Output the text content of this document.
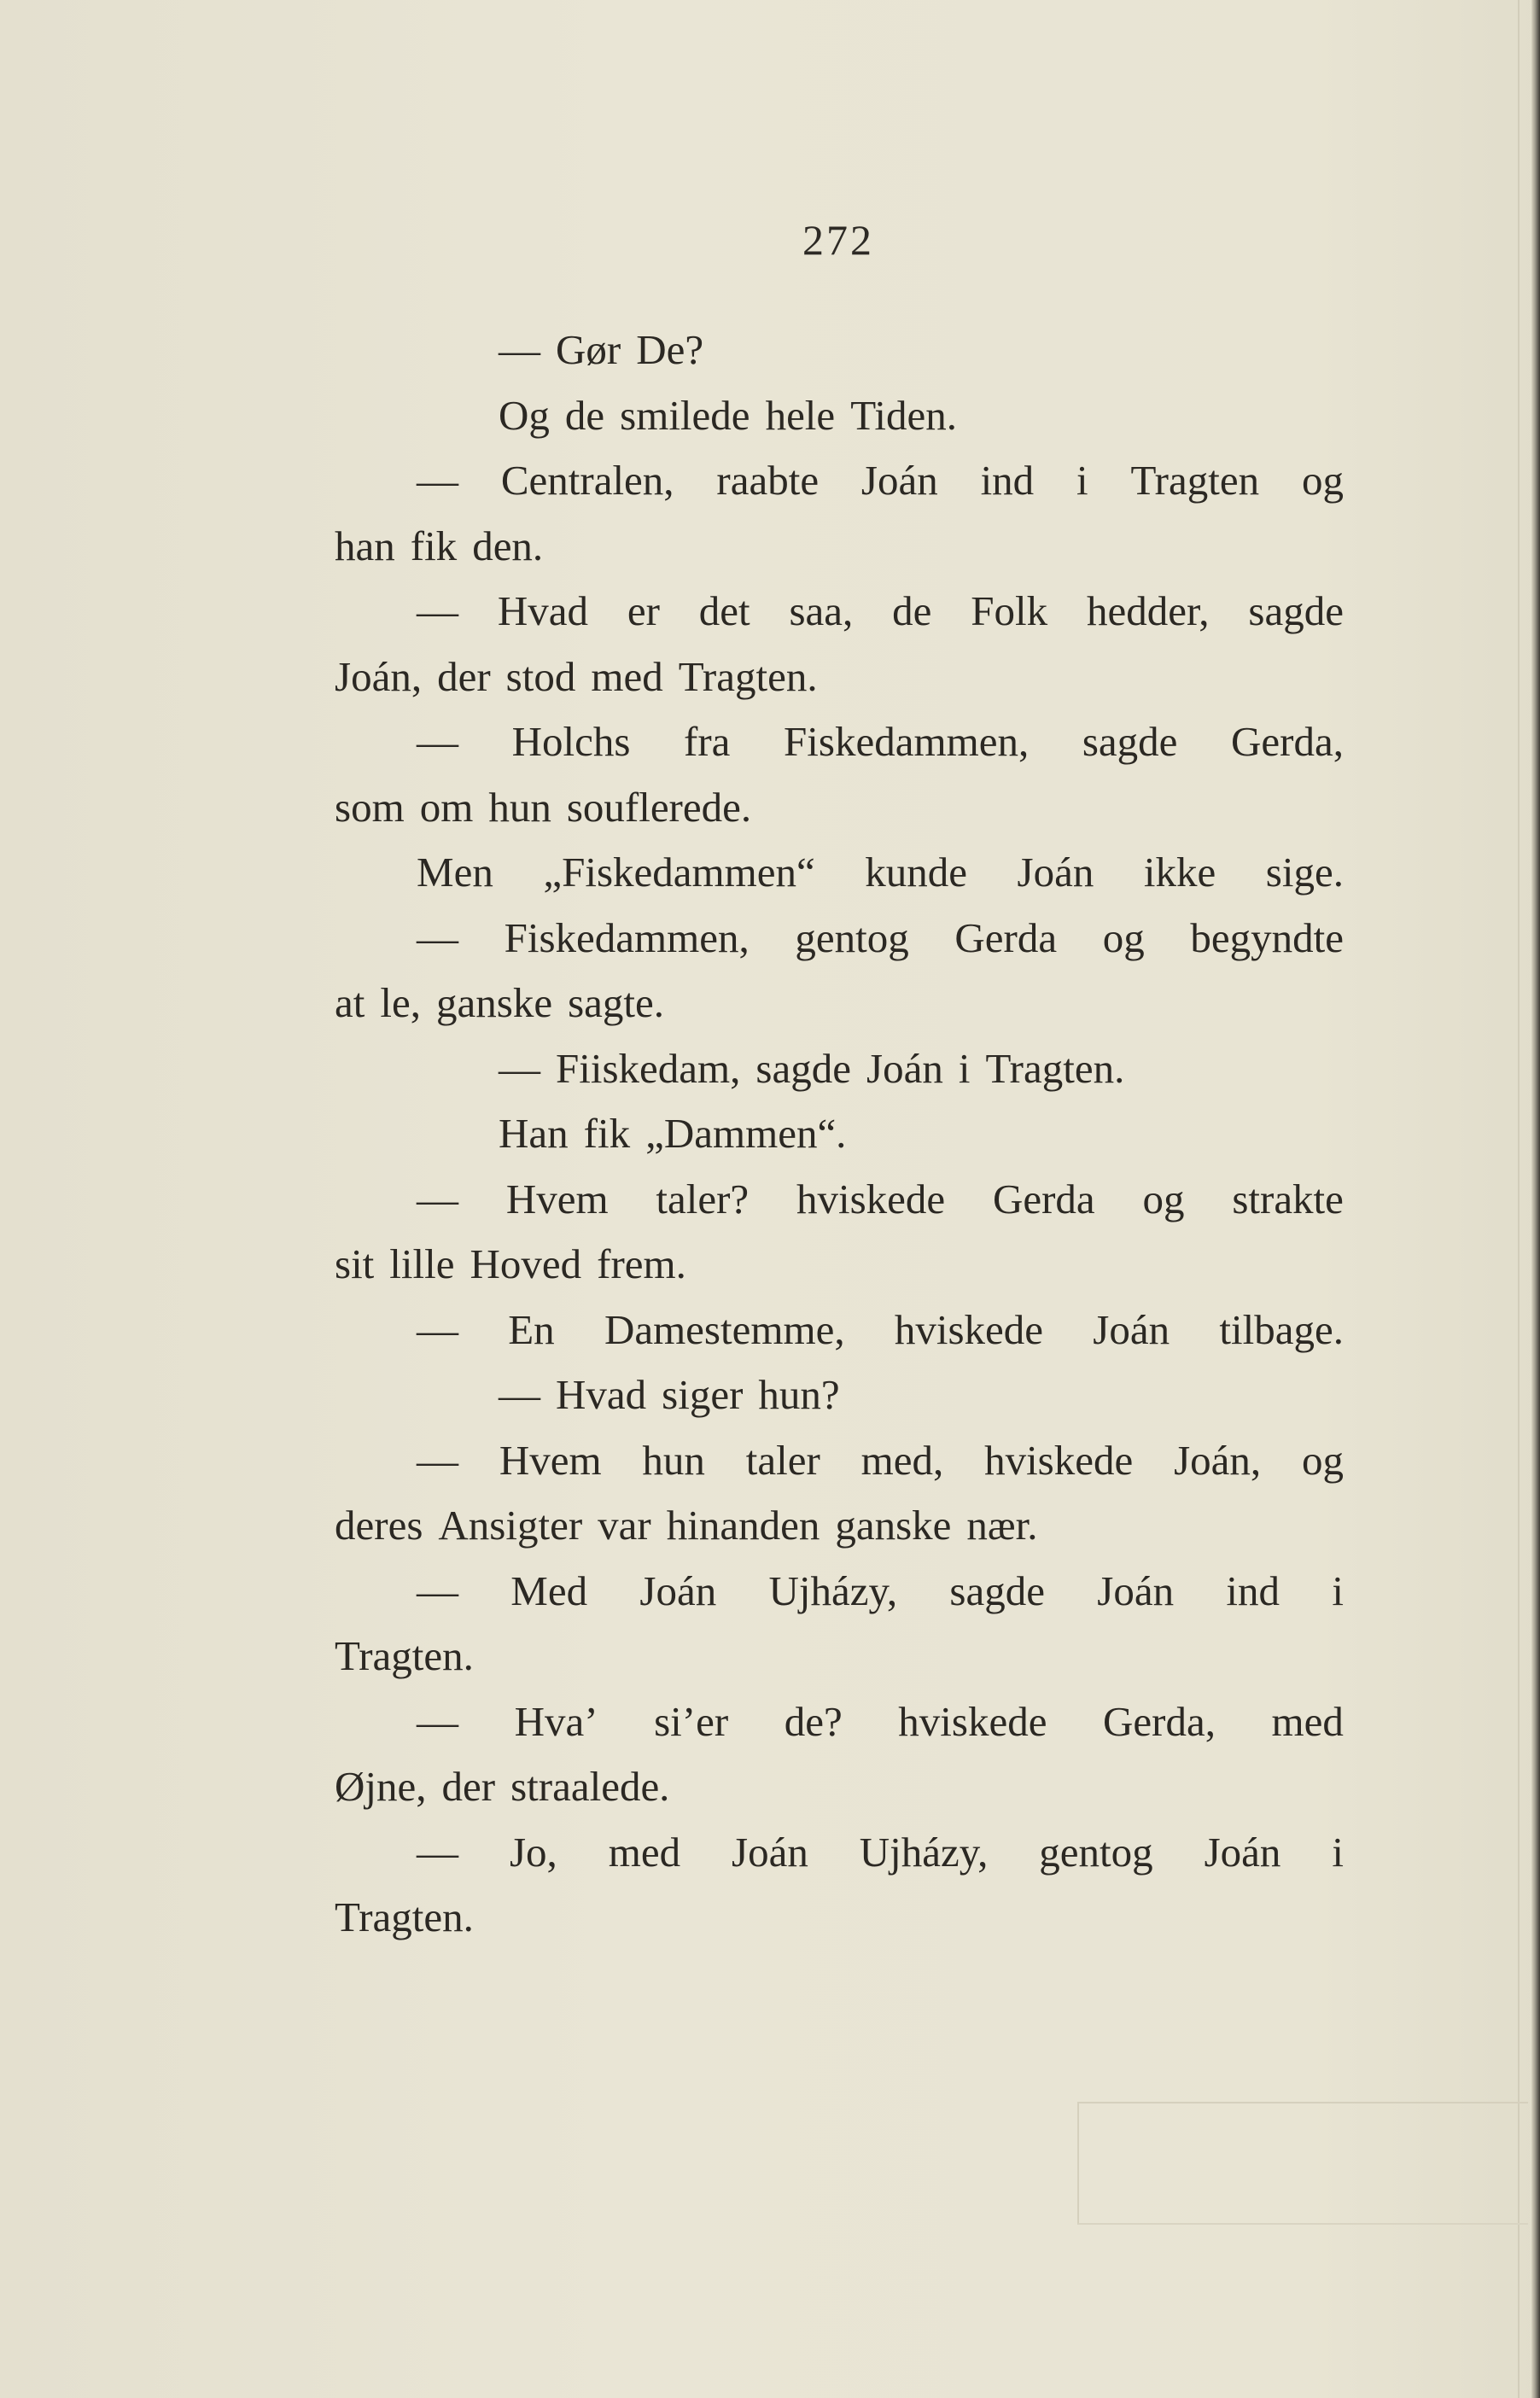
272
— Gør De?
Og de smilede hele Tiden.
— Centralen, raabte Joán ind i Tragten og
han fik den.
— Hvad er det saa, de Folk hedder, sagde
Joán, der stod med Tragten.
— Holchs fra Fiskedammen, sagde Gerda,
som om hun souflerede.
Men „Fiskedammen“ kunde Joán ikke sige.
— Fiskedammen, gentog Gerda og begyndte
at le, ganske sagte.
— Fiiskedam, sagde Joán i Tragten.
Han fik „Dammen“.
— Hvem taler? hviskede Gerda og strakte
sit lille Hoved frem.
— En Damestemme, hviskede Joán tilbage.
— Hvad siger hun?
— Hvem hun taler med, hviskede Joán, og
deres Ansigter var hinanden ganske nær.
— Med Joán Ujházy, sagde Joán ind i
Tragten.
— Hva’ si’er de? hviskede Gerda, med
Øjne, der straalede.
— Jo, med Joán Ujházy, gentog Joán i
Tragten.
